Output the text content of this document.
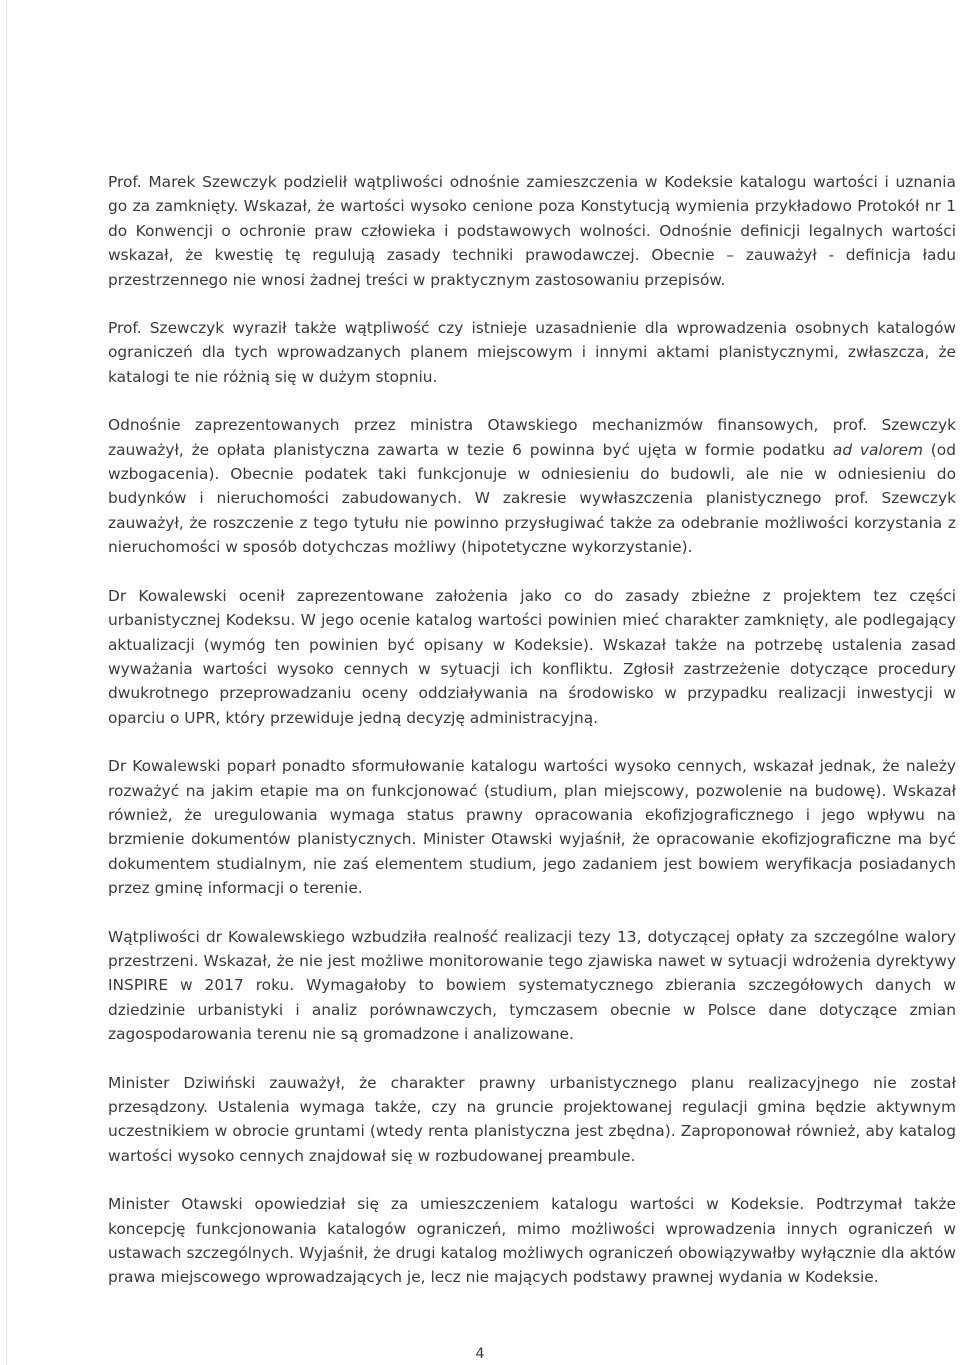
Prof. Marek Szewczyk podzielił wątpliwości odnośnie zamieszczenia w Kodeksie katalogu wartości i uznania go za zamknięty. Wskazał, że wartości wysoko cenione poza Konstytucją wymienia przykładowo Protokół nr 1 do Konwencji o ochronie praw człowieka i podstawowych wolności. Odnośnie definicji legalnych wartości wskazał, że kwestię tę regulują zasady techniki prawodawczej. Obecnie – zauważył - definicja ładu przestrzennego nie wnosi żadnej treści w praktycznym zastosowaniu przepisów.

Prof. Szewczyk wyraził także wątpliwość czy istnieje uzasadnienie dla wprowadzenia osobnych katalogów ograniczeń dla tych wprowadzanych planem miejscowym i innymi aktami planistycznymi, zwłaszcza, że katalogi te nie różnią się w dużym stopniu.

Odnośnie zaprezentowanych przez ministra Otawskiego mechanizmów finansowych, prof. Szewczyk zauważył, że opłata planistyczna zawarta w tezie 6 powinna być ujęta w formie podatku ad valorem (od wzbogacenia). Obecnie podatek taki funkcjonuje w odniesieniu do budowli, ale nie w odniesieniu do budynków i nieruchomości zabudowanych. W zakresie wywłaszczenia planistycznego prof. Szewczyk zauważył, że roszczenie z tego tytułu nie powinno przysługiwać także za odebranie możliwości korzystania z nieruchomości w sposób dotychczas możliwy (hipotetyczne wykorzystanie).

Dr Kowalewski ocenił zaprezentowane założenia jako co do zasady zbieżne z projektem tez części urbanistycznej Kodeksu. W jego ocenie katalog wartości powinien mieć charakter zamknięty, ale podlegający aktualizacji (wymóg ten powinien być opisany w Kodeksie). Wskazał także na potrzebę ustalenia zasad wyważania wartości wysoko cennych w sytuacji ich konfliktu. Zgłosił zastrzeżenie dotyczące procedury dwukrotnego przeprowadzaniu oceny oddziaływania na środowisko w przypadku realizacji inwestycji w oparciu o UPR, który przewiduje jedną decyzję administracyjną.

Dr Kowalewski poparł ponadto sformułowanie katalogu wartości wysoko cennych, wskazał jednak, że należy rozważyć na jakim etapie ma on funkcjonować (studium, plan miejscowy, pozwolenie na budowę). Wskazał również, że uregulowania wymaga status prawny opracowania ekofizjograficznego i jego wpływu na brzmienie dokumentów planistycznych. Minister Otawski wyjaśnił, że opracowanie ekofizjograficzne ma być dokumentem studialnym, nie zaś elementem studium, jego zadaniem jest bowiem weryfikacja posiadanych przez gminę informacji o terenie.

Wątpliwości dr Kowalewskiego wzbudziła realność realizacji tezy 13, dotyczącej opłaty za szczególne walory przestrzeni. Wskazał, że nie jest możliwe monitorowanie tego zjawiska nawet w sytuacji wdrożenia dyrektywy INSPIRE w 2017 roku. Wymagałoby to bowiem systematycznego zbierania szczegółowych danych w dziedzinie urbanistyki i analiz porównawczych, tymczasem obecnie w Polsce dane dotyczące zmian zagospodarowania terenu nie są gromadzone i analizowane.

Minister Dziwiński zauważył, że charakter prawny urbanistycznego planu realizacyjnego nie został przesądzony. Ustalenia wymaga także, czy na gruncie projektowanej regulacji gmina będzie aktywnym uczestnikiem w obrocie gruntami (wtedy renta planistyczna jest zbędna). Zaproponował również, aby katalog wartości wysoko cennych znajdował się w rozbudowanej preambule.

Minister Otawski opowiedział się za umieszczeniem katalogu wartości w Kodeksie. Podtrzymał także koncepcję funkcjonowania katalogów ograniczeń, mimo możliwości wprowadzenia innych ograniczeń w ustawach szczególnych. Wyjaśnił, że drugi katalog możliwych ograniczeń obowiązywałby wyłącznie dla aktów prawa miejscowego wprowadzających je, lecz nie mających podstawy prawnej wydania w Kodeksie.

4
